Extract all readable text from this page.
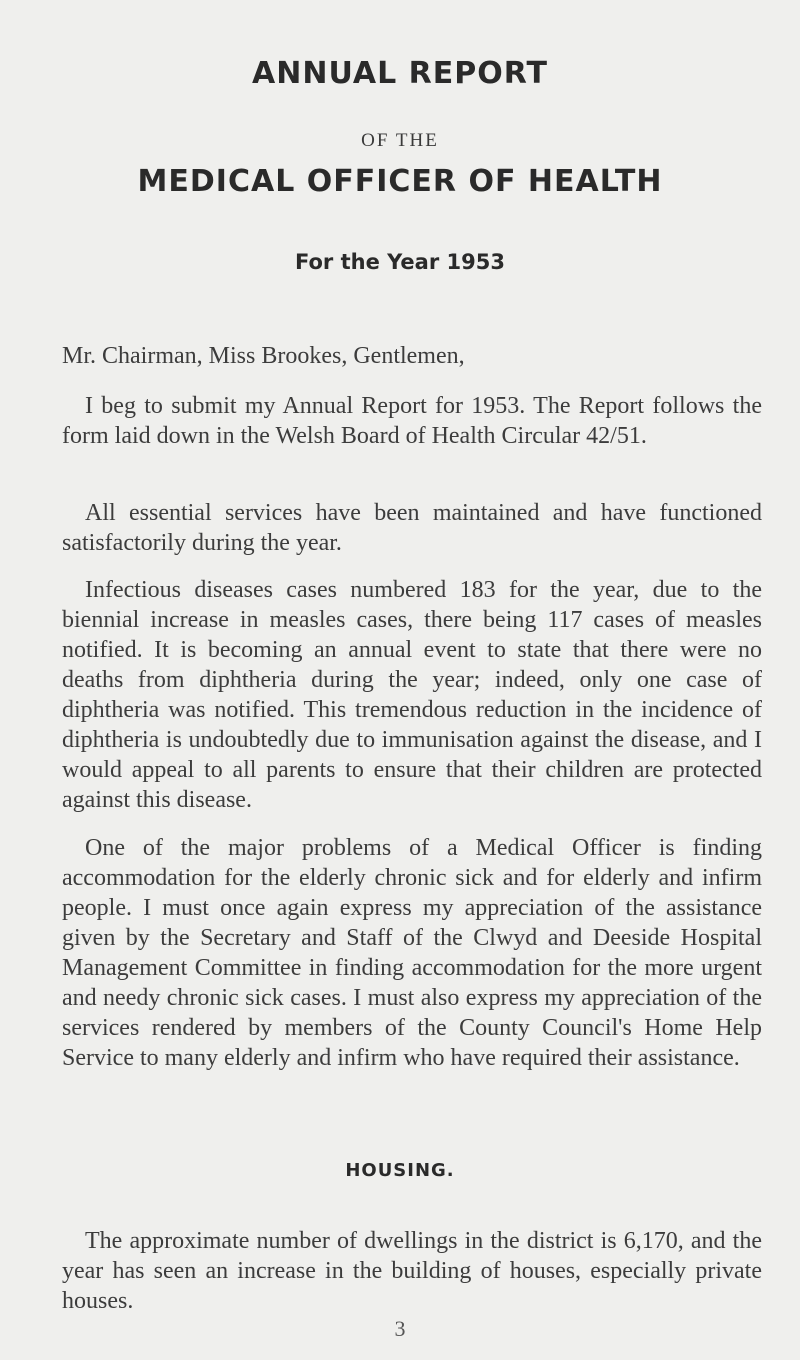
ANNUAL REPORT
OF THE
MEDICAL OFFICER OF HEALTH
For the Year 1953

Mr. Chairman, Miss Brookes, Gentlemen,

I beg to submit my Annual Report for 1953. The Report follows the form laid down in the Welsh Board of Health Circular 42/51.

All essential services have been maintained and have functioned satisfactorily during the year.

Infectious diseases cases numbered 183 for the year, due to the biennial increase in measles cases, there being 117 cases of measles notified. It is becoming an annual event to state that there were no deaths from diphtheria during the year; indeed, only one case of diphtheria was notified. This tremendous reduction in the incidence of diphtheria is undoubtedly due to immunisation against the disease, and I would appeal to all parents to ensure that their children are protected against this disease.

One of the major problems of a Medical Officer is finding accommodation for the elderly chronic sick and for elderly and infirm people. I must once again express my appreciation of the assistance given by the Secretary and Staff of the Clwyd and Deeside Hospital Management Committee in finding accommodation for the more urgent and needy chronic sick cases. I must also express my appreciation of the services rendered by members of the County Council's Home Help Service to many elderly and infirm who have required their assistance.

HOUSING.

The approximate number of dwellings in the district is 6,170, and the year has seen an increase in the building of houses, especially private houses.

3
